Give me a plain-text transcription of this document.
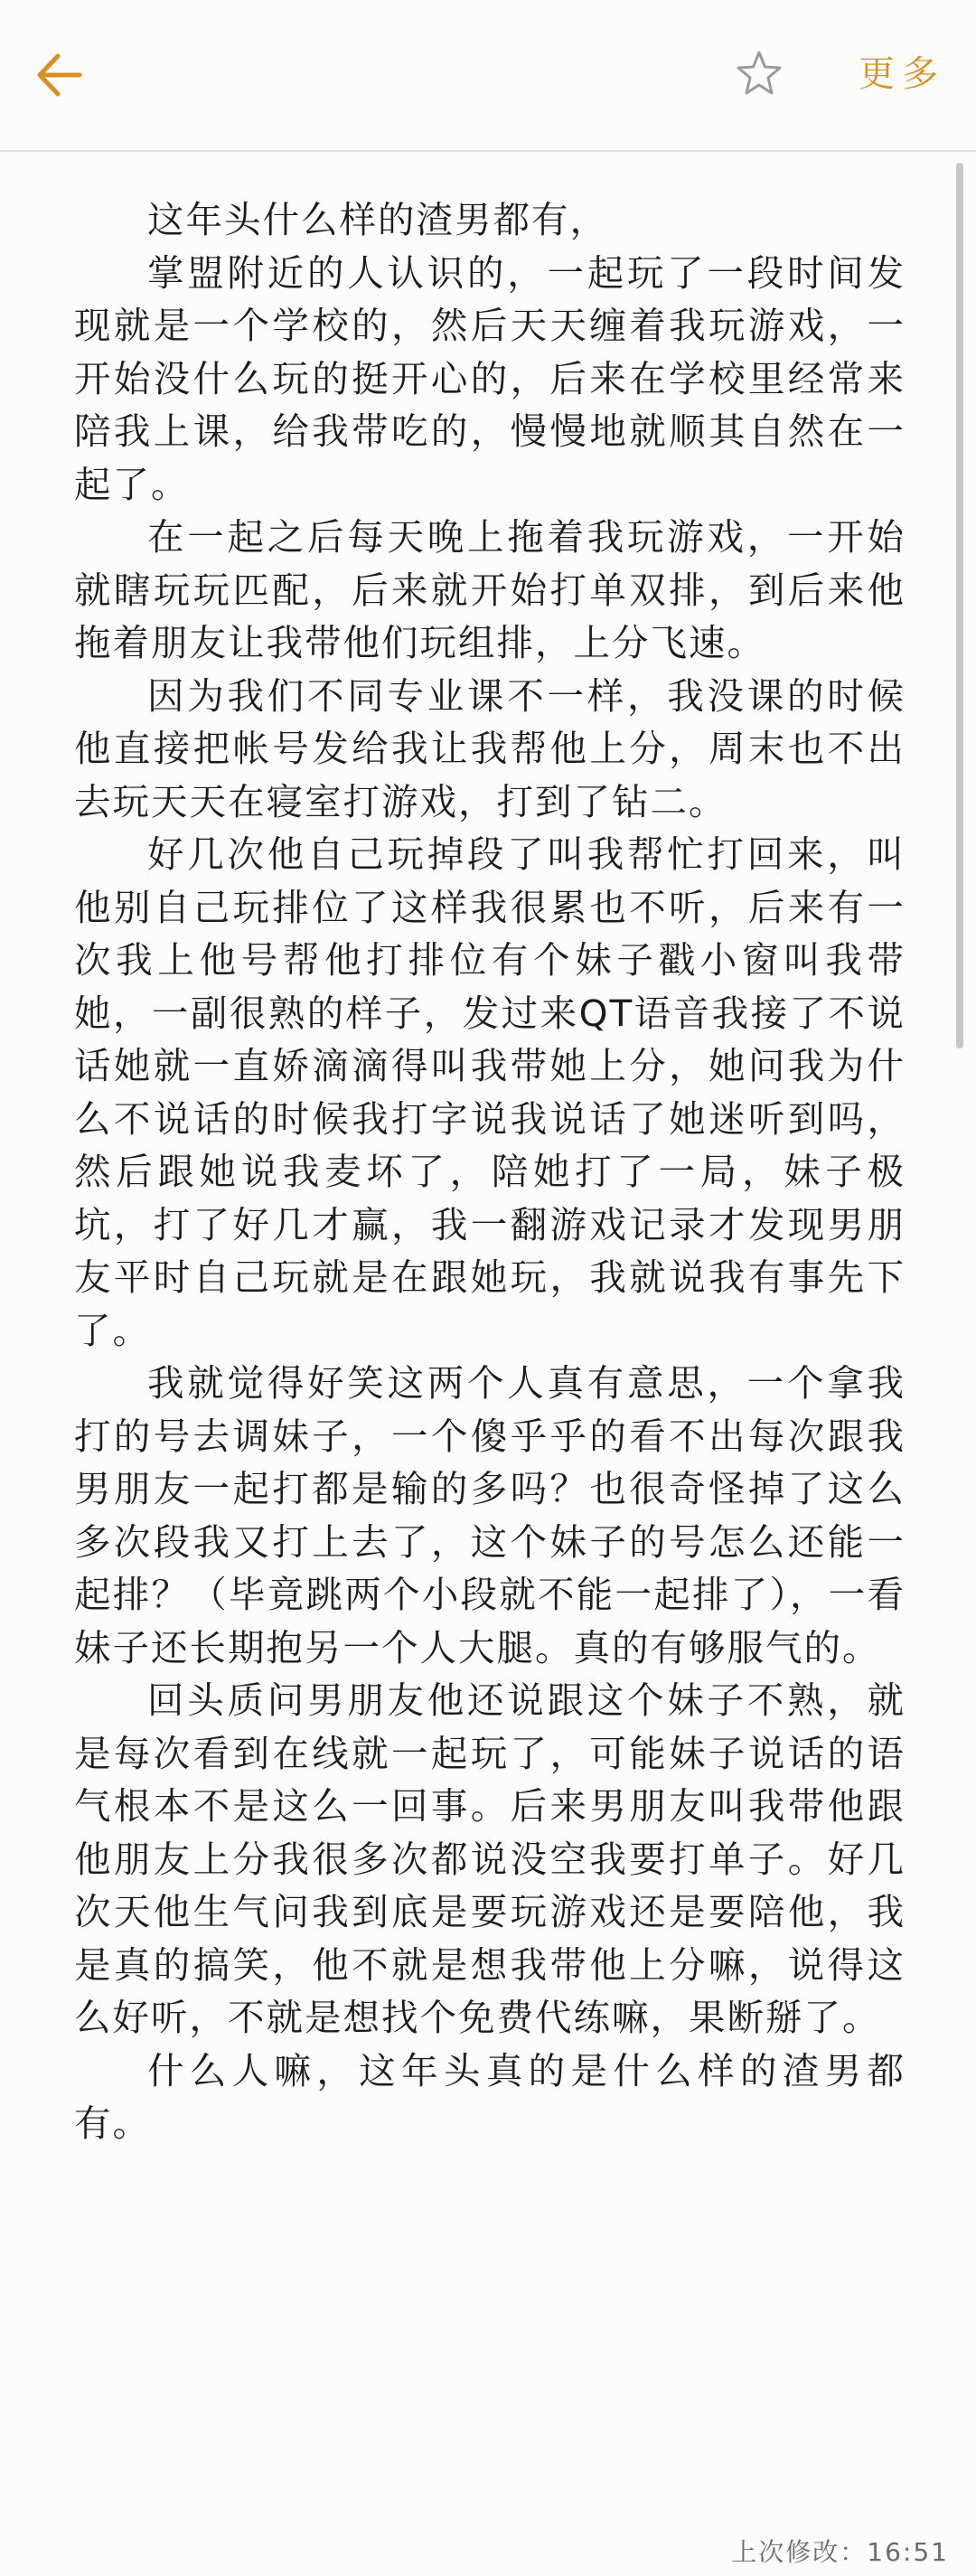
更多

这年头什么样的渣男都有，

掌盟附近的人认识的，一起玩了一段时间发现就是一个学校的，然后天天缠着我玩游戏，一开始没什么玩的挺开心的，后来在学校里经常来陪我上课，给我带吃的，慢慢地就顺其自然在一起了。

在一起之后每天晚上拖着我玩游戏，一开始就瞎玩玩匹配，后来就开始打单双排，到后来他拖着朋友让我带他们玩组排，上分飞速。

因为我们不同专业课不一样，我没课的时候他直接把帐号发给我让我帮他上分，周末也不出去玩天天在寝室打游戏，打到了钻二。

好几次他自己玩掉段了叫我帮忙打回来，叫他别自己玩排位了这样我很累也不听，后来有一次我上他号帮他打排位有个妹子戳小窗叫我带她，一副很熟的样子，发过来QT语音我接了不说话她就一直娇滴滴得叫我带她上分，她问我为什么不说话的时候我打字说我说话了她迷听到吗，然后跟她说我麦坏了，陪她打了一局，妹子极坑，打了好几才赢，我一翻游戏记录才发现男朋友平时自己玩就是在跟她玩，我就说我有事先下了。

我就觉得好笑这两个人真有意思，一个拿我打的号去调妹子，一个傻乎乎的看不出每次跟我男朋友一起打都是输的多吗？也很奇怪掉了这么多次段我又打上去了，这个妹子的号怎么还能一起排？（毕竟跳两个小段就不能一起排了），一看妹子还长期抱另一个人大腿。真的有够服气的。

回头质问男朋友他还说跟这个妹子不熟，就是每次看到在线就一起玩了，可能妹子说话的语气根本不是这么一回事。后来男朋友叫我带他跟他朋友上分我很多次都说没空我要打单子。好几次天他生气问我到底是要玩游戏还是要陪他，我是真的搞笑，他不就是想我带他上分嘛，说得这么好听，不就是想找个免费代练嘛，果断掰了。

什么人嘛，这年头真的是什么样的渣男都有。

上次修改：16:51
